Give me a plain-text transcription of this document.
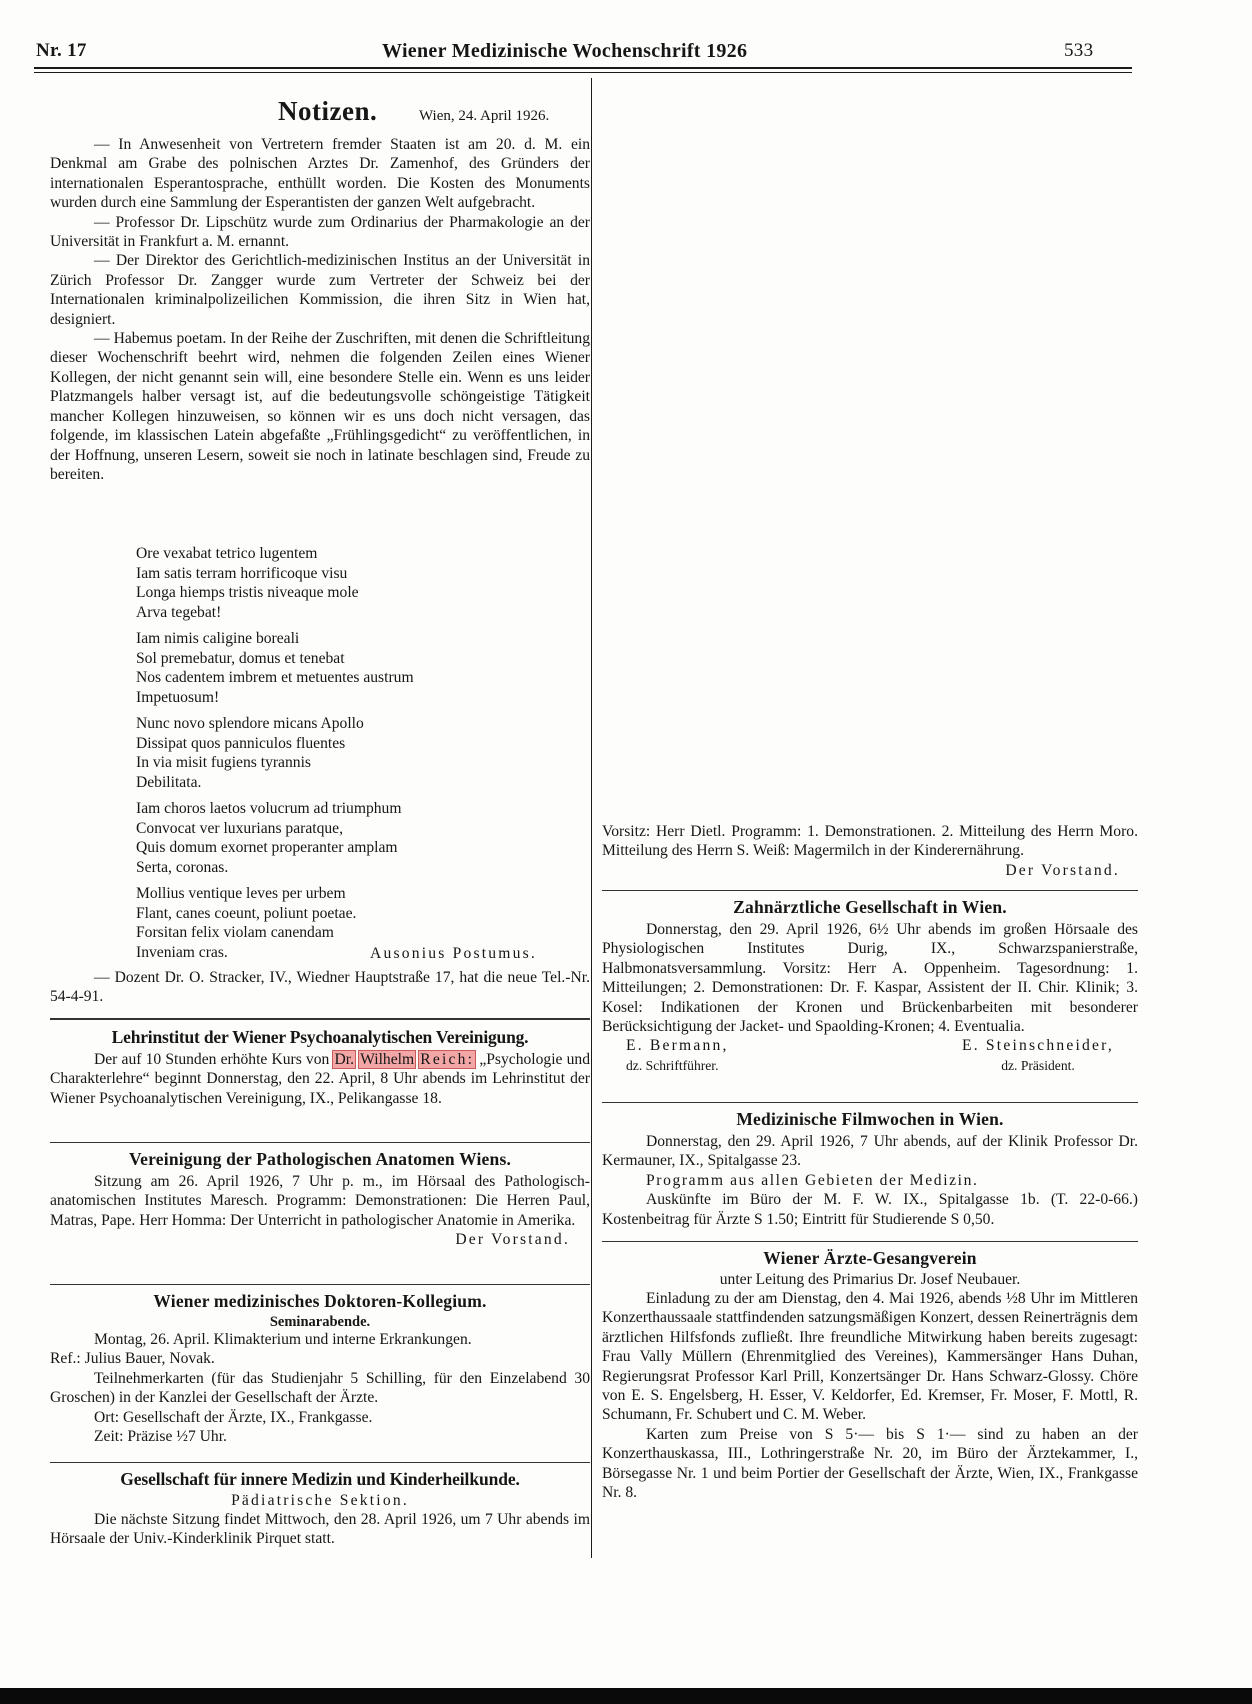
Nr. 17	Wiener Medizinische Wochenschrift 1926	533
Notizen.	Wien, 24. April 1926.

— In Anwesenheit von Vertretern fremder Staaten ist am 20. d. M. ein Denkmal am Grabe des polnischen Arztes Dr. Zamenhof, des Gründers der internationalen Esperantosprache, enthüllt worden. Die Kosten des Monuments wurden durch eine Sammlung der Esperantisten der ganzen Welt aufgebracht.

— Professor Dr. Lipschütz wurde zum Ordinarius der Pharmakologie an der Universität in Frankfurt a. M. ernannt.

— Der Direktor des Gerichtlich-medizinischen Institus an der Universität in Zürich Professor Dr. Zangger wurde zum Vertreter der Schweiz bei der Internationalen kriminalpolizeilichen Kommission, die ihren Sitz in Wien hat, designiert.

— Habemus poetam. In der Reihe der Zuschriften, mit denen die Schriftleitung dieser Wochenschrift beehrt wird, nehmen die folgenden Zeilen eines Wiener Kollegen, der nicht genannt sein will, eine besondere Stelle ein. Wenn es uns leider Platzmangels halber versagt ist, auf die bedeutungsvolle schöngeistige Tätigkeit mancher Kollegen hinzuweisen, so können wir es uns doch nicht versagen, das folgende, im klassischen Latein abgefaßte „Frühlingsgedicht“ zu veröffentlichen, in der Hoffnung, unseren Lesern, soweit sie noch in latinate beschlagen sind, Freude zu bereiten.

Ore vexabat tetrico lugentem
Iam satis terram horrificoque visu
Longa hiemps tristis niveaque mole
Arva tegebat!
Iam nimis caligine boreali
Sol premebatur, domus et tenebat
Nos cadentem imbrem et metuentes austrum
Impetuosum!
Nunc novo splendore micans Apollo
Dissipat quos panniculos fluentes
In via misit fugiens tyrannis
Debilitata.
Iam choros laetos volucrum ad triumphum
Convocat ver luxurians paratque,
Quis domum exornet properanter amplam
Serta, coronas.
Mollius ventique leves per urbem
Flant, canes coeunt, poliunt poetae.
Forsitan felix violam canendam
Inveniam cras.	Ausonius Postumus.

— Dozent Dr. O. Stracker, IV., Wiedner Hauptstraße 17, hat die neue Tel.-Nr. 54-4-91.

Lehrinstitut der Wiener Psychoanalytischen Vereinigung.

Der auf 10 Stunden erhöhte Kurs von Dr. Wilhelm Reich: „Psychologie und Charakterlehre“ beginnt Donnerstag, den 22. April, 8 Uhr abends im Lehrinstitut der Wiener Psychoanalytischen Vereinigung, IX., Pelikangasse 18.

Vereinigung der Pathologischen Anatomen Wiens.

Sitzung am 26. April 1926, 7 Uhr p. m., im Hörsaal des Pathologisch-anatomischen Institutes Maresch. Programm: Demonstrationen: Die Herren Paul, Matras, Pape. Herr Homma: Der Unterricht in pathologischer Anatomie in Amerika.

Der Vorstand.

Wiener medizinisches Doktoren-Kollegium.
Seminarabende.

Montag, 26. April. Klimakterium und interne Erkrankungen.

Ref.: Julius Bauer, Novak.

Teilnehmerkarten (für das Studienjahr 5 Schilling, für den Einzelabend 30 Groschen) in der Kanzlei der Gesellschaft der Ärzte.

Ort: Gesellschaft der Ärzte, IX., Frankgasse.

Zeit: Präzise ½7 Uhr.

Gesellschaft für innere Medizin und Kinderheilkunde.
Pädiatrische Sektion.

Die nächste Sitzung findet Mittwoch, den 28. April 1926, um 7 Uhr abends im Hörsaale der Univ.-Kinderklinik Pirquet statt.

Vorsitz: Herr Dietl. Programm: 1. Demonstrationen. 2. Mitteilung des Herrn Moro. Mitteilung des Herrn S. Weiß: Magermilch in der Kinderernährung.

Der Vorstand.
Zahnärztliche Gesellschaft in Wien.

Donnerstag, den 29. April 1926, 6½ Uhr abends im großen Hörsaale des Physiologischen Institutes Durig, IX., Schwarzspanierstraße, Halbmonatsversammlung. Vorsitz: Herr A. Oppenheim. Tagesordnung: 1. Mitteilungen; 2. Demonstrationen: Dr. F. Kaspar, Assistent der II. Chir. Klinik; 3. Kosel: Indikationen der Kronen und Brückenbarbeiten mit besonderer Berücksichtigung der Jacket- und Spaolding-Kronen; 4. Eventualia.

E. Bermann,
dz. Schriftführer.
E. Steinschneider,
dz. Präsident.
Medizinische Filmwochen in Wien.

Donnerstag, den 29. April 1926, 7 Uhr abends, auf der Klinik Professor Dr. Kermauner, IX., Spitalgasse 23.

Programm aus allen Gebieten der Medizin.

Auskünfte im Büro der M. F. W. IX., Spitalgasse 1b. (T. 22-0-66.) Kostenbeitrag für Ärzte S 1.50; Eintritt für Studierende S 0,50.

Wiener Ärzte-Gesangverein
unter Leitung des Primarius Dr. Josef Neubauer.

Einladung zu der am Dienstag, den 4. Mai 1926, abends ½8 Uhr im Mittleren Konzerthaussaale stattfindenden satzungsmäßigen Konzert, dessen Reinerträgnis dem ärztlichen Hilfsfonds zufließt. Ihre freundliche Mitwirkung haben bereits zugesagt: Frau Vally Müllern (Ehrenmitglied des Vereines), Kammersänger Hans Duhan, Regierungsrat Professor Karl Prill, Konzertsänger Dr. Hans Schwarz-Glossy. Chöre von E. S. Engelsberg, H. Esser, V. Keldorfer, Ed. Kremser, Fr. Moser, F. Mottl, R. Schumann, Fr. Schubert und C. M. Weber.

Karten zum Preise von S 5·— bis S 1·— sind zu haben an der Konzerthauskassa, III., Lothringerstraße Nr. 20, im Büro der Ärztekammer, I., Börsegasse Nr. 1 und beim Portier der Gesellschaft der Ärzte, Wien, IX., Frankgasse Nr. 8.
